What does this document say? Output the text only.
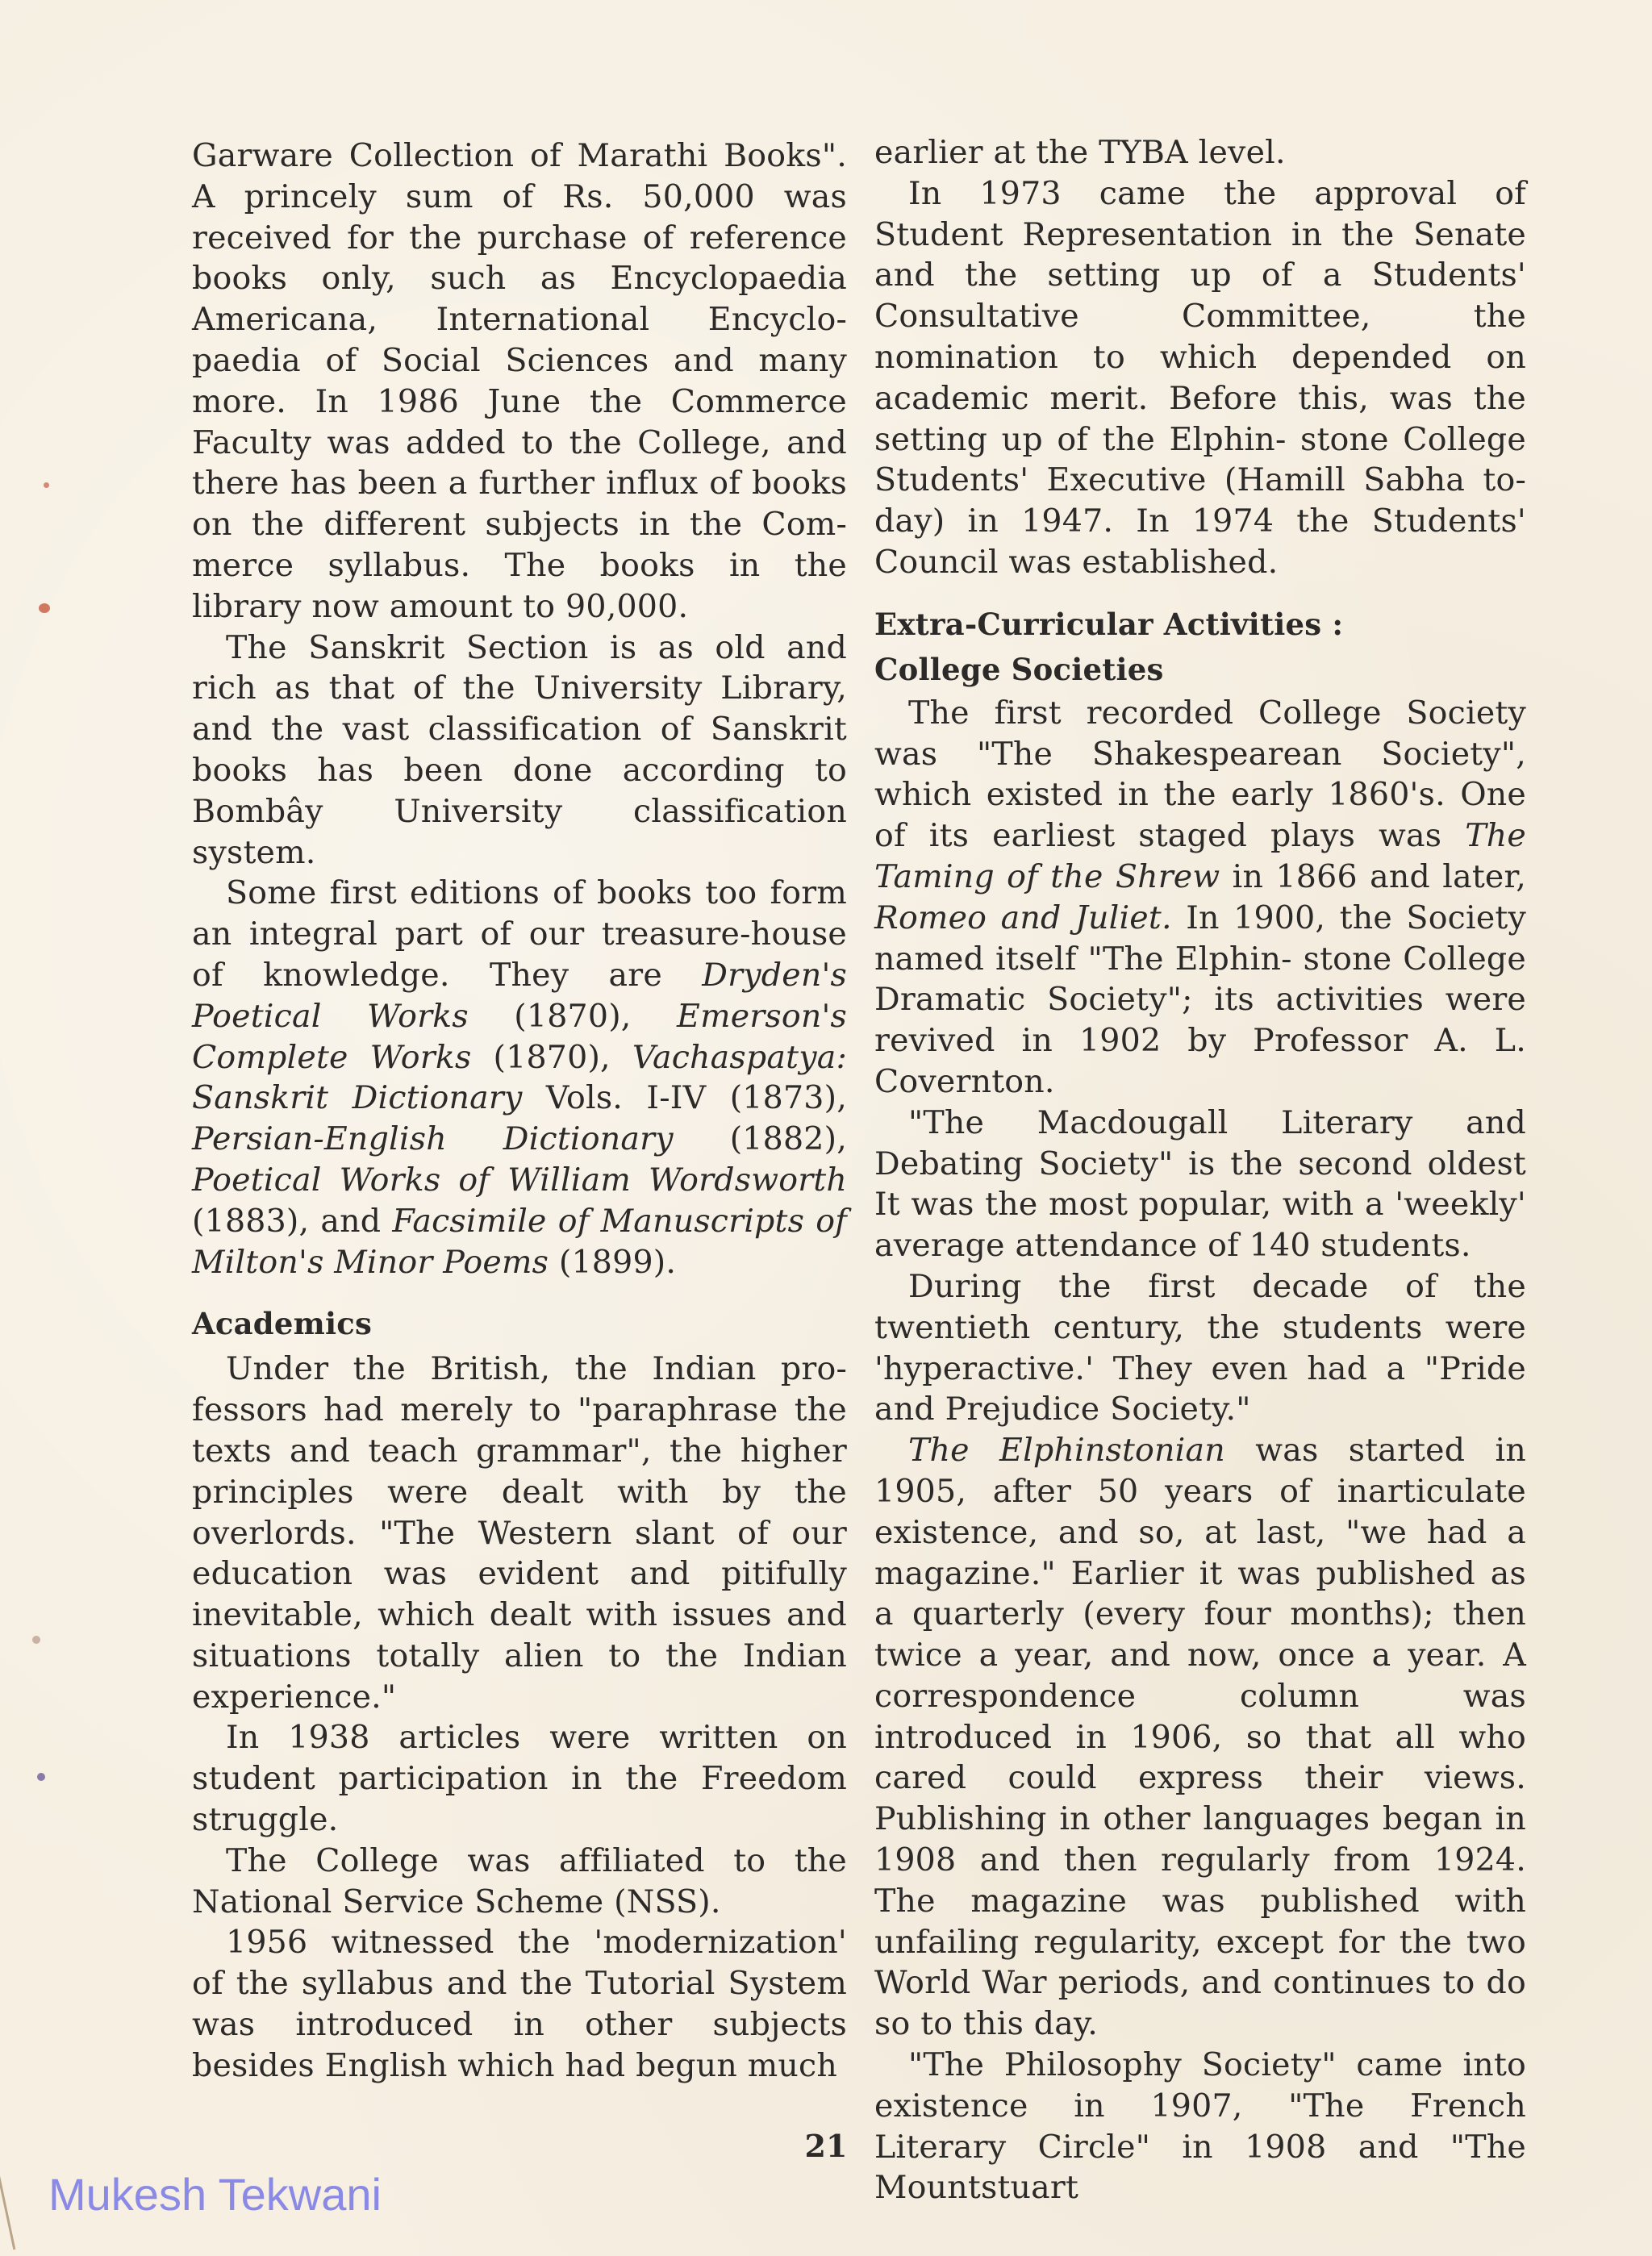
Garware Collection of Marathi Books". A princely sum of Rs. 50,000 was received for the purchase of reference books only, such as Encyclopaedia Americana, International Encyclo- paedia of Social Sciences and many more. In 1986 June the Commerce Faculty was added to the College, and there has been a further influx of books on the different subjects in the Com- merce syllabus. The books in the library now amount to 90,000.

The Sanskrit Section is as old and rich as that of the University Library, and the vast classification of Sanskrit books has been done according to Bombây University classification system.

Some first editions of books too form an integral part of our treasure-house of knowledge. They are Dryden's Poetical Works (1870), Emerson's Complete Works (1870), Vachaspatya: Sanskrit Dictionary Vols. I-IV (1873), Persian-English Dictionary (1882), Poetical Works of William Wordsworth (1883), and Facsimile of Manuscripts of Milton's Minor Poems (1899).

Academics

Under the British, the Indian pro- fessors had merely to "paraphrase the texts and teach grammar", the higher principles were dealt with by the overlords. "The Western slant of our education was evident and pitifully inevitable, which dealt with issues and situations totally alien to the Indian experience."

In 1938 articles were written on student participation in the Freedom struggle.

The College was affiliated to the National Service Scheme (NSS).

1956 witnessed the 'modernization' of the syllabus and the Tutorial System was introduced in other subjects besides English which had begun much

earlier at the TYBA level.

In 1973 came the approval of Student Representation in the Senate and the setting up of a Students' Consultative Committee, the nomination to which depended on academic merit. Before this, was the setting up of the Elphin- stone College Students' Executive (Hamill Sabha to-day) in 1947. In 1974 the Students' Council was established.

Extra-Curricular Activities :
College Societies

The first recorded College Society was "The Shakespearean Society", which existed in the early 1860's. One of its earliest staged plays was The Taming of the Shrew in 1866 and later, Romeo and Juliet. In 1900, the Society named itself "The Elphin- stone College Dramatic Society"; its activities were revived in 1902 by Professor A. L. Covernton.

"The Macdougall Literary and Debating Society" is the second oldest It was the most popular, with a 'weekly' average attendance of 140 students.

During the first decade of the twentieth century, the students were 'hyperactive.' They even had a "Pride and Prejudice Society."

The Elphinstonian was started in 1905, after 50 years of inarticulate existence, and so, at last, "we had a magazine." Earlier it was published as a quarterly (every four months); then twice a year, and now, once a year. A correspondence column was introduced in 1906, so that all who cared could express their views. Publishing in other languages began in 1908 and then regularly from 1924. The magazine was published with unfailing regularity, except for the two World War periods, and continues to do so to this day.

"The Philosophy Society" came into existence in 1907, "The French Literary Circle" in 1908 and "The Mountstuart

21
Mukesh Tekwani
